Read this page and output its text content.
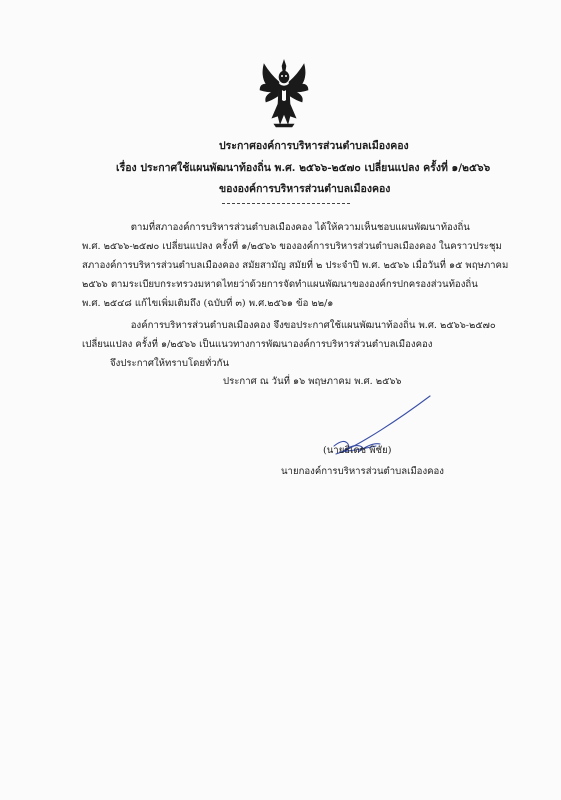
ประกาศองค์การบริหารส่วนตำบลเมืองคอง
เรื่อง ประกาศใช้แผนพัฒนาท้องถิ่น พ.ศ. ๒๕๖๖-๒๕๗๐ เปลี่ยนแปลง ครั้งที่ ๑/๒๕๖๖
ขององค์การบริหารส่วนตำบลเมืองคอง
ตามที่สภาองค์การบริหารส่วนตำบลเมืองคอง ได้ให้ความเห็นชอบแผนพัฒนาท้องถิ่น
พ.ศ. ๒๕๖๖-๒๕๗๐ เปลี่ยนแปลง ครั้งที่ ๑/๒๕๖๖ ขององค์การบริหารส่วนตำบลเมืองคอง ในคราวประชุม
สภาองค์การบริหารส่วนตำบลเมืองคอง สมัยสามัญ สมัยที่ ๒ ประจำปี พ.ศ. ๒๕๖๖ เมื่อวันที่ ๑๕ พฤษภาคม
๒๕๖๖ ตามระเบียบกระทรวงมหาดไทยว่าด้วยการจัดทำแผนพัฒนาขององค์กรปกครองส่วนท้องถิ่น
พ.ศ. ๒๕๔๘ แก้ไขเพิ่มเติมถึง (ฉบับที่ ๓) พ.ศ.๒๕๖๑ ข้อ ๒๒/๑
องค์การบริหารส่วนตำบลเมืองคอง จึงขอประกาศใช้แผนพัฒนาท้องถิ่น พ.ศ. ๒๕๖๖-๒๕๗๐
เปลี่ยนแปลง ครั้งที่ ๑/๒๕๖๖ เป็นแนวทางการพัฒนาองค์การบริหารส่วนตำบลเมืองคอง
จึงประกาศให้ทราบโดยทั่วกัน
ประกาศ ณ วันที่ ๑๖ พฤษภาคม พ.ศ. ๒๕๖๖
(นายธิเดช พิชัย)
นายกองค์การบริหารส่วนตำบลเมืองคอง
